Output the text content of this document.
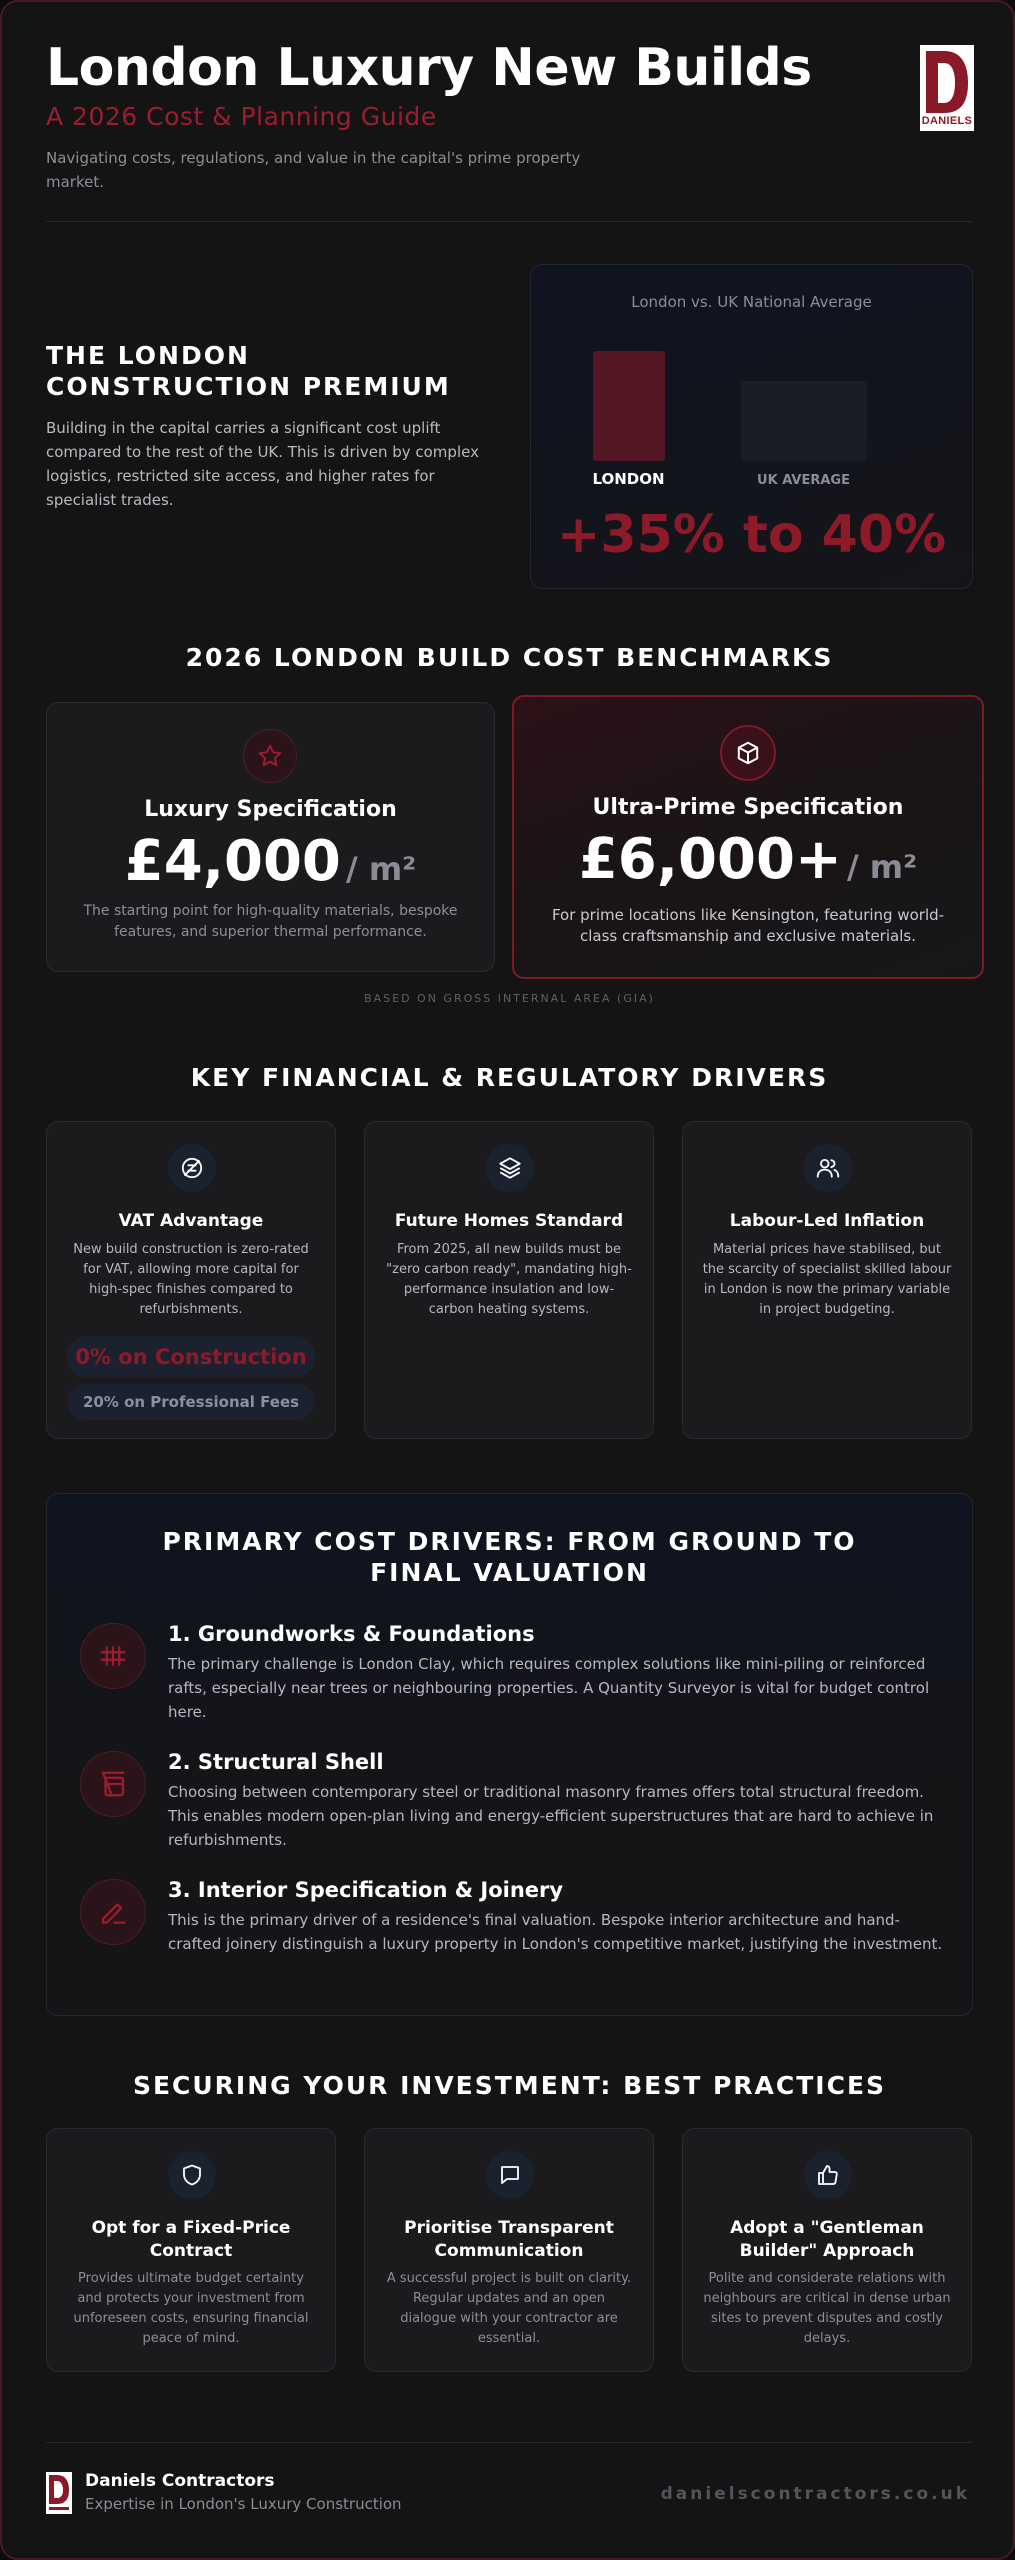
London Luxury New Builds
A 2026 Cost & Planning Guide
Navigating costs, regulations, and value in the capital's prime property market.
DANIELS
THE LONDON CONSTRUCTION PREMIUM
Building in the capital carries a significant cost uplift compared to the rest of the UK. This is driven by complex logistics, restricted site access, and higher rates for specialist trades.
London vs. UK National Average
LONDON	UK AVERAGE
+35% to 40%
2026 LONDON BUILD COST BENCHMARKS
Luxury Specification
£4,000 / m²
The starting point for high-quality materials, bespoke features, and superior thermal performance.
Ultra-Prime Specification
£6,000+ / m²
For prime locations like Kensington, featuring world-class craftsmanship and exclusive materials.
BASED ON GROSS INTERNAL AREA (GIA)
KEY FINANCIAL & REGULATORY DRIVERS
VAT Advantage
New build construction is zero-rated for VAT, allowing more capital for high-spec finishes compared to refurbishments.
0% on Construction
20% on Professional Fees
Future Homes Standard
From 2025, all new builds must be "zero carbon ready", mandating high-performance insulation and low-carbon heating systems.
Labour-Led Inflation
Material prices have stabilised, but the scarcity of specialist skilled labour in London is now the primary variable in project budgeting.
PRIMARY COST DRIVERS: FROM GROUND TO FINAL VALUATION
1. Groundworks & Foundations
The primary challenge is London Clay, which requires complex solutions like mini-piling or reinforced rafts, especially near trees or neighbouring properties. A Quantity Surveyor is vital for budget control here.
2. Structural Shell
Choosing between contemporary steel or traditional masonry frames offers total structural freedom. This enables modern open-plan living and energy-efficient superstructures that are hard to achieve in refurbishments.
3. Interior Specification & Joinery
This is the primary driver of a residence's final valuation. Bespoke interior architecture and hand-crafted joinery distinguish a luxury property in London's competitive market, justifying the investment.
SECURING YOUR INVESTMENT: BEST PRACTICES
Opt for a Fixed-Price Contract
Provides ultimate budget certainty and protects your investment from unforeseen costs, ensuring financial peace of mind.
Prioritise Transparent Communication
A successful project is built on clarity. Regular updates and an open dialogue with your contractor are essential.
Adopt a "Gentleman Builder" Approach
Polite and considerate relations with neighbours are critical in dense urban sites to prevent disputes and costly delays.
Daniels Contractors
Expertise in London's Luxury Construction	danielscontractors.co.uk
